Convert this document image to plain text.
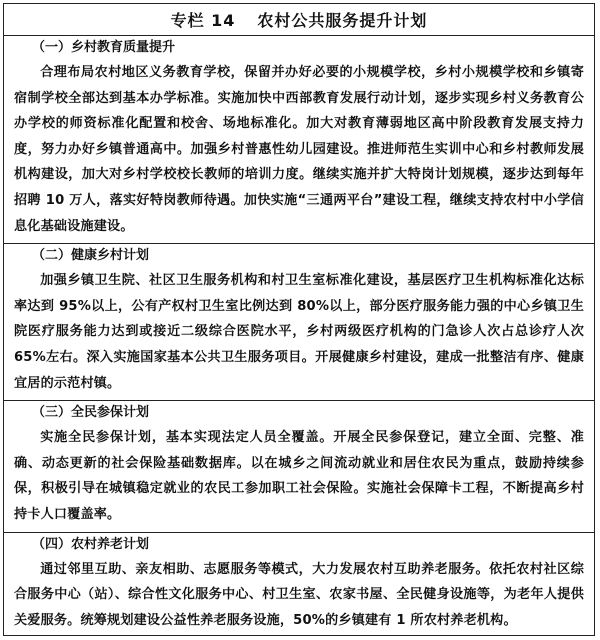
专栏 14 农村公共服务提升计划
（一）乡村教育质量提升

合理布局农村地区义务教育学校，保留并办好必要的小规模学校，乡村小规模学校和乡镇寄宿制学校全部达到基本办学标准。实施加快中西部教育发展行动计划，逐步实现乡村义务教育公办学校的师资标准化配置和校舍、场地标准化。加大对教育薄弱地区高中阶段教育发展支持力度，努力办好乡镇普通高中。加强乡村普惠性幼儿园建设。推进师范生实训中心和乡村教师发展机构建设，加大对乡村学校校长教师的培训力度。继续实施并扩大特岗计划规模，逐步达到每年招聘 10 万人，落实好特岗教师待遇。加快实施“三通两平台”建设工程，继续支持农村中小学信息化基础设施建设。

（二）健康乡村计划

加强乡镇卫生院、社区卫生服务机构和村卫生室标准化建设，基层医疗卫生机构标准化达标率达到 95%以上，公有产权村卫生室比例达到 80%以上，部分医疗服务能力强的中心乡镇卫生院医疗服务能力达到或接近二级综合医院水平，乡村两级医疗机构的门急诊人次占总诊疗人次 65%左右。深入实施国家基本公共卫生服务项目。开展健康乡村建设，建成一批整洁有序、健康宜居的示范村镇。

（三）全民参保计划

实施全民参保计划，基本实现法定人员全覆盖。开展全民参保登记，建立全面、完整、准确、动态更新的社会保险基础数据库。以在城乡之间流动就业和居住农民为重点，鼓励持续参保，积极引导在城镇稳定就业的农民工参加职工社会保险。实施社会保障卡工程，不断提高乡村持卡人口覆盖率。

（四）农村养老计划

通过邻里互助、亲友相助、志愿服务等模式，大力发展农村互助养老服务。依托农村社区综合服务中心（站）、综合性文化服务中心、村卫生室、农家书屋、全民健身设施等，为老年人提供关爱服务。统筹规划建设公益性养老服务设施，50%的乡镇建有 1 所农村养老机构。
